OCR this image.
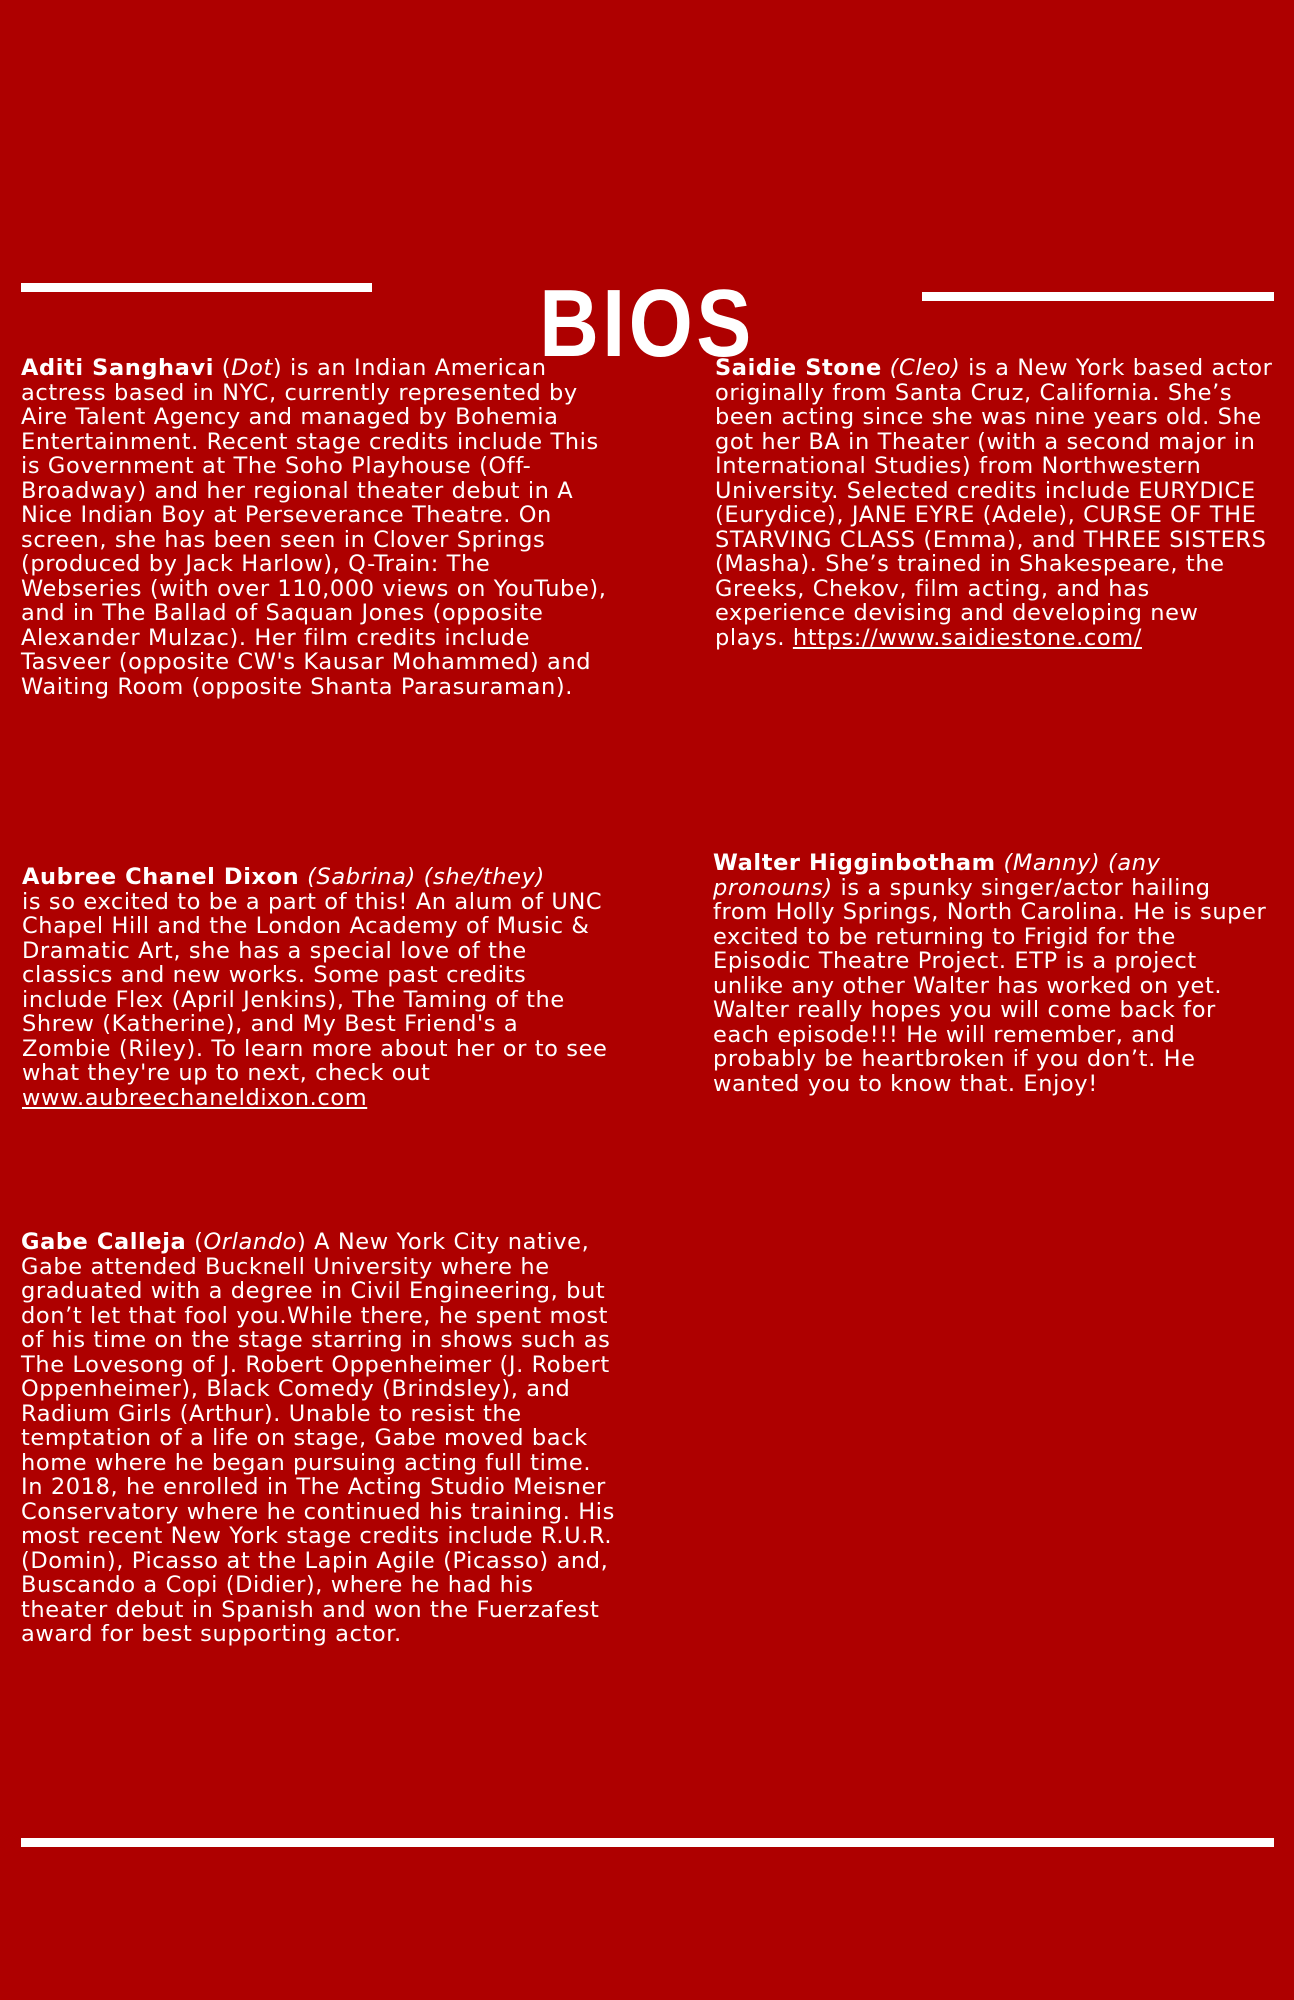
BIOS

Aditi Sanghavi (Dot) is an Indian American actress based in NYC, currently represented by Aire Talent Agency and managed by Bohemia Entertainment. Recent stage credits include This is Government at The Soho Playhouse (Off-Broadway) and her regional theater debut in A Nice Indian Boy at Perseverance Theatre. On screen, she has been seen in Clover Springs (produced by Jack Harlow), Q-Train: The Webseries (with over 110,000 views on YouTube), and in The Ballad of Saquan Jones (opposite Alexander Mulzac). Her film credits include Tasveer (opposite CW's Kausar Mohammed) and Waiting Room (opposite Shanta Parasuraman).

Saidie Stone (Cleo) is a New York based actor originally from Santa Cruz, California. She’s been acting since she was nine years old. She got her BA in Theater (with a second major in International Studies) from Northwestern University. Selected credits include EURYDICE (Eurydice), JANE EYRE (Adele), CURSE OF THE STARVING CLASS (Emma), and THREE SISTERS (Masha). She’s trained in Shakespeare, the Greeks, Chekov, film acting, and has experience devising and developing new plays. https://www.saidiestone.com/

Aubree Chanel Dixon (Sabrina) (she/they)
is so excited to be a part of this! An alum of UNC Chapel Hill and the London Academy of Music & Dramatic Art, she has a special love of the classics and new works. Some past credits include Flex (April Jenkins), The Taming of the Shrew (Katherine), and My Best Friend's a Zombie (Riley). To learn more about her or to see what they're up to next, check out www.aubreechaneldixon.com

Walter Higginbotham (Manny) (any pronouns) is a spunky singer/actor hailing from Holly Springs, North Carolina. He is super excited to be returning to Frigid for the Episodic Theatre Project. ETP is a project unlike any other Walter has worked on yet. Walter really hopes you will come back for each episode!!! He will remember, and probably be heartbroken if you don’t. He wanted you to know that. Enjoy!

Gabe Calleja (Orlando) A New York City native, Gabe attended Bucknell University where he graduated with a degree in Civil Engineering, but don’t let that fool you.While there, he spent most of his time on the stage starring in shows such as The Lovesong of J. Robert Oppenheimer (J. Robert Oppenheimer), Black Comedy (Brindsley), and Radium Girls (Arthur). Unable to resist the temptation of a life on stage, Gabe moved back home where he began pursuing acting full time. In 2018, he enrolled in The Acting Studio Meisner Conservatory where he continued his training. His most recent New York stage credits include R.U.R. (Domin), Picasso at the Lapin Agile (Picasso) and, Buscando a Copi (Didier), where he had his theater debut in Spanish and won the Fuerzafest award for best supporting actor.
